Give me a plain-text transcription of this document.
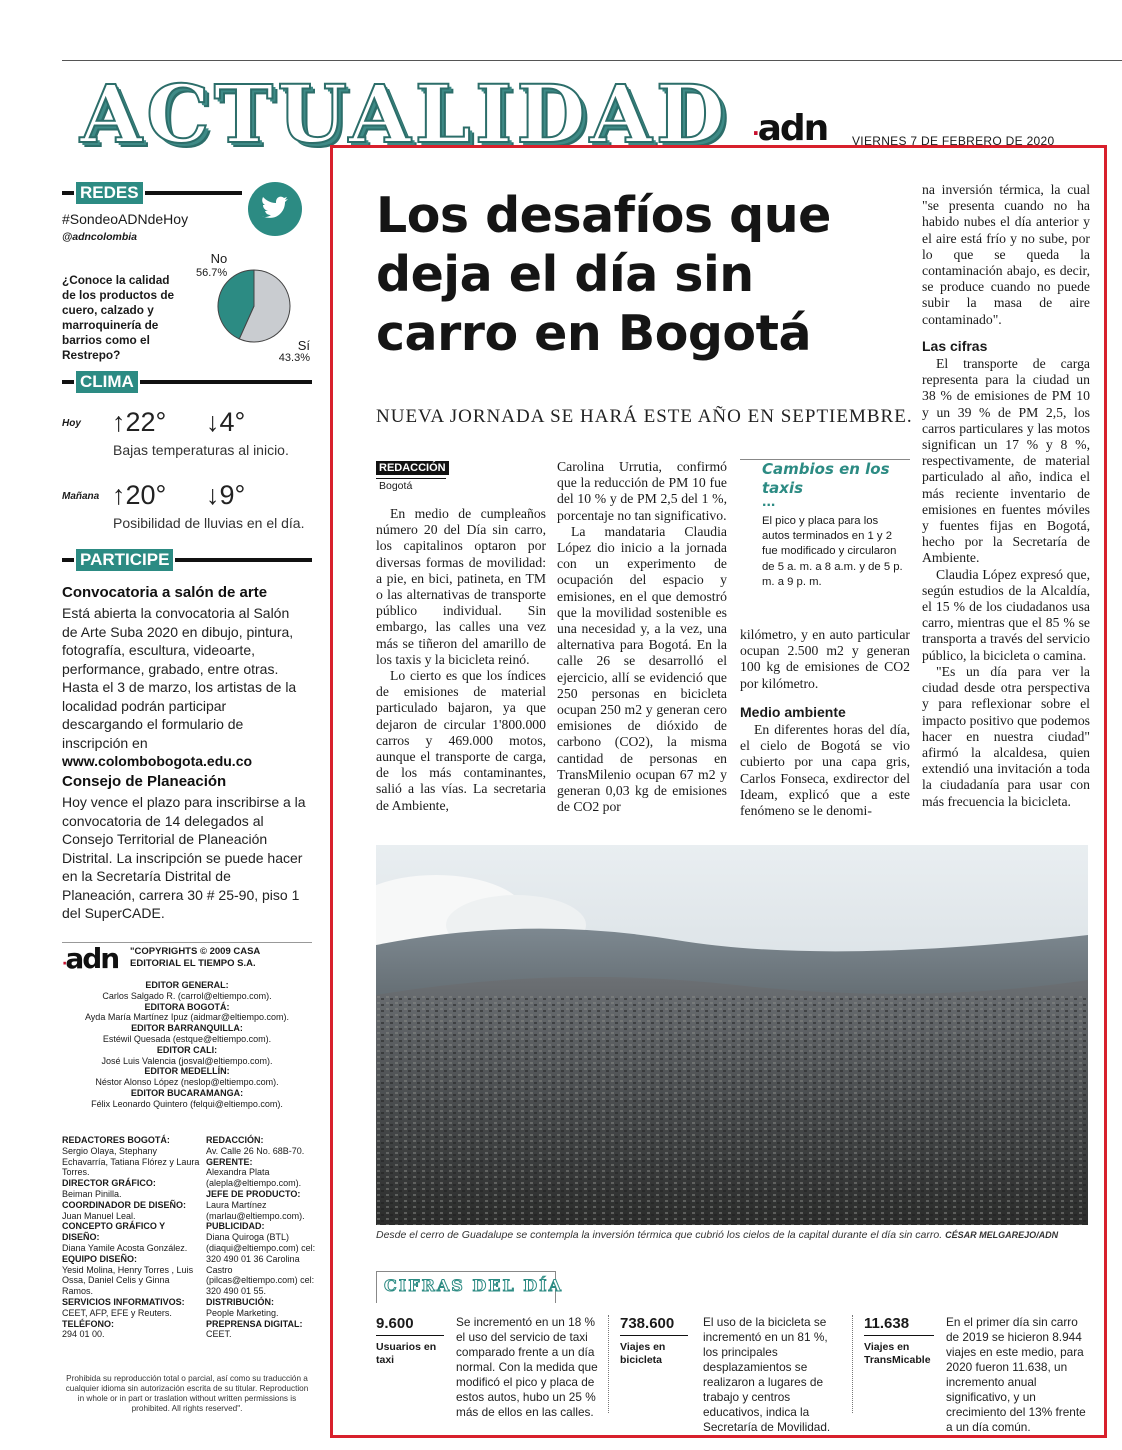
ACTUALIDAD ·adn VIERNES 7 DE FEBRERO DE 2020
REDES
#SondeoADNdeHoy
@adncolombia
¿Conoce la calidad de los productos de cuero, calzado y marroquinería de barrios como el Restrepo?
No
56.7%
Sí
43.3%
CLIMA
Hoy ↑22° ↓4°
Bajas temperaturas al inicio.
Mañana ↑20° ↓9°
Posibilidad de lluvias en el día.
PARTICIPE
Convocatoria a salón de arte
Está abierta la convocatoria al Salón de Arte Suba 2020 en dibujo, pintura, fotografía, escultura, videoarte, performance, grabado, entre otras. Hasta el 3 de marzo, los artistas de la localidad podrán participar descargando el formulario de inscripción en
www.colombobogota.edu.co
Consejo de Planeación
Hoy vence el plazo para inscribirse a la convocatoria de 14 delegados al Consejo Territorial de Planeación Distrital. La inscripción se puede hacer en la Secretaría Distrital de Planeación, carrera 30 # 25-90, piso 1 del SuperCADE.
·adn "COPYRIGHTS © 2009 CASA EDITORIAL EL TIEMPO S.A.
EDITOR GENERAL:
Carlos Salgado R. (carrol@eltiempo.com).
EDITORA BOGOTÁ:
Ayda María Martínez Ipuz (aidmar@eltiempo.com).
EDITOR BARRANQUILLA:
Estéwil Quesada (estque@eltiempo.com).
EDITOR CALI:
José Luis Valencia (josval@eltiempo.com).
EDITOR MEDELLÍN:
Néstor Alonso López (neslop@eltiempo.com).
EDITOR BUCARAMANGA:
Félix Leonardo Quintero (felqui@eltiempo.com).
REDACTORES BOGOTÁ:
Sergio Olaya, Stephany Echavarría, Tatiana Flórez y Laura Torres.
DIRECTOR GRÁFICO:
Beiman Pinilla.
COORDINADOR DE DISEÑO:
Juan Manuel Leal.
CONCEPTO GRÁFICO Y DISEÑO:
Diana Yamile Acosta González.
EQUIPO DISEÑO:
Yesid Molina, Henry Torres , Luis Ossa, Daniel Celis y Ginna Ramos.
SERVICIOS INFORMATIVOS:
CEET, AFP, EFE y Reuters.
TELÉFONO:
294 01 00.
REDACCIÓN:
Av. Calle 26 No. 68B-70.
GERENTE:
Alexandra Plata (alepla@eltiempo.com).
JEFE DE PRODUCTO:
Laura Martínez (marlau@eltiempo.com).
PUBLICIDAD:
Diana Quiroga (BTL) (diaqui@eltiempo.com) cel: 320 490 01 36 Carolina Castro (pilcas@eltiempo.com) cel: 320 490 01 55.
DISTRIBUCIÓN:
People Marketing.
PREPRENSA DIGITAL:
CEET.
Prohibida su reproducción total o parcial, así como su traducción a cualquier idioma sin autorización escrita de su titular. Reproduction in whole or in part or traslation without written permissions is prohibited. All rights reserved".
Los desafíos que deja el día sin carro en Bogotá
NUEVA JORNADA SE HARÁ ESTE AÑO EN SEPTIEMBRE.
REDACCIÓN
Bogotá

En medio de cumpleaños número 20 del Día sin carro, los capitalinos optaron por diversas formas de movilidad: a pie, en bici, patineta, en TM o las alternativas de transporte público individual. Sin embargo, las calles una vez más se tiñeron del amarillo de los taxis y la bicicleta reinó.

Lo cierto es que los índices de emisiones de material particulado bajaron, ya que dejaron de circular 1'800.000 carros y 469.000 motos, aunque el transporte de carga, de los más contaminantes, salió a las vías. La secretaria de Ambiente,

Carolina Urrutia, confirmó que la reducción de PM 10 fue del 10 % y de PM 2,5 del 1 %, porcentaje no tan significativo.

La mandataria Claudia López dio inicio a la jornada con un experimento de ocupación del espacio y emisiones, en el que demostró que la movilidad sostenible es una necesidad y, a la vez, una alternativa para Bogotá. En la calle 26 se desarrolló el ejercicio, allí se evidenció que 250 personas en bicicleta ocupan 250 m2 y generan cero emisiones de dióxido de carbono (CO2), la misma cantidad de personas en TransMilenio ocupan 67 m2 y generan 0,03 kg de emisiones de CO2 por

Cambios en los taxis
...
El pico y placa para los autos terminados en 1 y 2 fue modificado y circularon de 5 a. m. a 8 a.m. y de 5 p. m. a 9 p. m.
kilómetro, y en auto particular ocupan 2.500 m2 y generan 100 kg de emisiones de CO2 por kilómetro.
Medio ambiente

En diferentes horas del día, el cielo de Bogotá se vio cubierto por una capa gris, Carlos Fonseca, exdirector del Ideam, explicó que a este fenómeno se le denomi-

na inversión térmica, la cual "se presenta cuando no ha habido nubes el día anterior y el aire está frío y no sube, por lo que se queda la contaminación abajo, es decir, se produce cuando no puede subir la masa de aire contaminado".
Las cifras

El transporte de carga representa para la ciudad un 38 % de emisiones de PM 10 y un 39 % de PM 2,5, los carros particulares y las motos significan un 17 % y 8 %, respectivamente, de material particulado al año, indica el más reciente inventario de emisiones en fuentes móviles y fuentes fijas en Bogotá, hecho por la Secretaría de Ambiente.

Claudia López expresó que, según estudios de la Alcaldía, el 15 % de los ciudadanos usa carro, mientras que el 85 % se transporta a través del servicio público, la bicicleta o camina.

"Es un día para ver la ciudad desde otra perspectiva y para reflexionar sobre el impacto positivo que podemos hacer en nuestra ciudad" afirmó la alcaldesa, quien extendió una invitación a toda la ciudadanía para usar con más frecuencia la bicicleta.

Desde el cerro de Guadalupe se contempla la inversión térmica que cubrió los cielos de la capital durante el día sin carro. CÉSAR MELGAREJO/ADN
CIFRAS DEL DÍA
9.600
Usuarios en taxi
Se incrementó en un 18 % el uso del servicio de taxi comparado frente a un día normal. Con la medida que modificó el pico y placa de estos autos, hubo un 25 % más de ellos en las calles.
738.600
Viajes en bicicleta
El uso de la bicicleta se incrementó en un 81 %, los principales desplazamientos se realizaron a lugares de trabajo y centros educativos, indica la Secretaría de Movilidad.
11.638
Viajes en TransMicable
En el primer día sin carro de 2019 se hicieron 8.944 viajes en este medio, para 2020 fueron 11.638, un incremento anual significativo, y un crecimiento del 13% frente a un día común.
